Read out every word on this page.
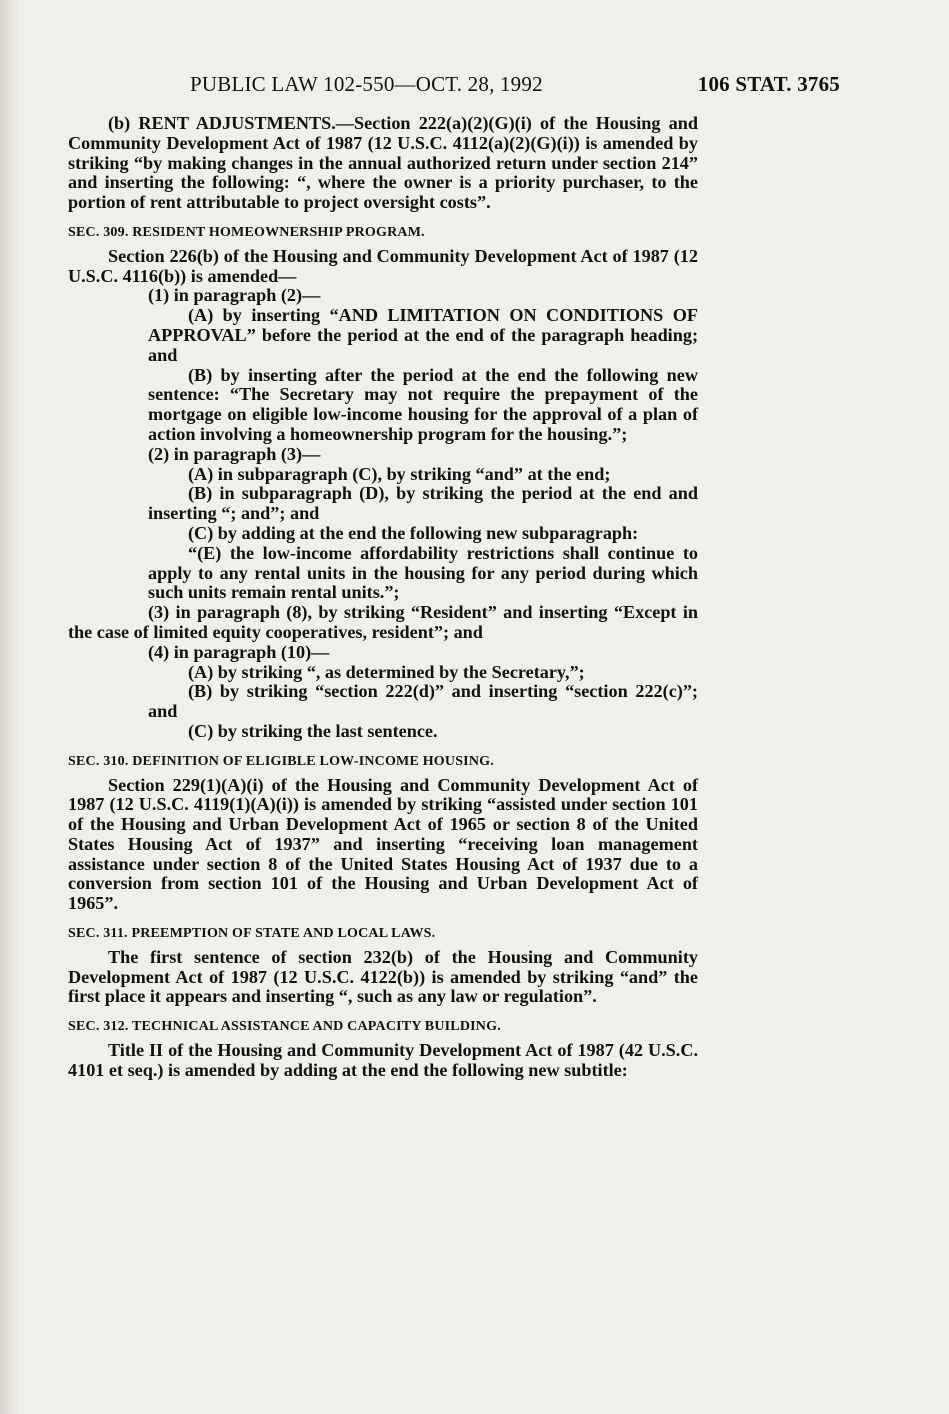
PUBLIC LAW 102-550—OCT. 28, 1992	106 STAT. 3765

(b) RENT ADJUSTMENTS.—Section 222(a)(2)(G)(i) of the Housing and Community Development Act of 1987 (12 U.S.C. 4112(a)(2)(G)(i)) is amended by striking “by making changes in the annual authorized return under section 214” and inserting the following: “, where the owner is a priority purchaser, to the portion of rent attributable to project oversight costs”.

SEC. 309. RESIDENT HOMEOWNERSHIP PROGRAM.

Section 226(b) of the Housing and Community Development Act of 1987 (12 U.S.C. 4116(b)) is amended—

(1) in paragraph (2)—

(A) by inserting “AND LIMITATION ON CONDITIONS OF APPROVAL” before the period at the end of the paragraph heading; and

(B) by inserting after the period at the end the following new sentence: “The Secretary may not require the prepayment of the mortgage on eligible low-income housing for the approval of a plan of action involving a homeownership program for the housing.”;

(2) in paragraph (3)—

(A) in subparagraph (C), by striking “and” at the end;

(B) in subparagraph (D), by striking the period at the end and inserting “; and”; and

(C) by adding at the end the following new subparagraph:

“(E) the low-income affordability restrictions shall continue to apply to any rental units in the housing for any period during which such units remain rental units.”;

(3) in paragraph (8), by striking “Resident” and inserting “Except in the case of limited equity cooperatives, resident”; and

(4) in paragraph (10)—

(A) by striking “, as determined by the Secretary,”;

(B) by striking “section 222(d)” and inserting “section 222(c)”; and

(C) by striking the last sentence.

SEC. 310. DEFINITION OF ELIGIBLE LOW-INCOME HOUSING.

Section 229(1)(A)(i) of the Housing and Community Development Act of 1987 (12 U.S.C. 4119(1)(A)(i)) is amended by striking “assisted under section 101 of the Housing and Urban Development Act of 1965 or section 8 of the United States Housing Act of 1937” and inserting “receiving loan management assistance under section 8 of the United States Housing Act of 1937 due to a conversion from section 101 of the Housing and Urban Development Act of 1965”.

SEC. 311. PREEMPTION OF STATE AND LOCAL LAWS.

The first sentence of section 232(b) of the Housing and Community Development Act of 1987 (12 U.S.C. 4122(b)) is amended by striking “and” the first place it appears and inserting “, such as any law or regulation”.

SEC. 312. TECHNICAL ASSISTANCE AND CAPACITY BUILDING.

Title II of the Housing and Community Development Act of 1987 (42 U.S.C. 4101 et seq.) is amended by adding at the end the following new subtitle:
